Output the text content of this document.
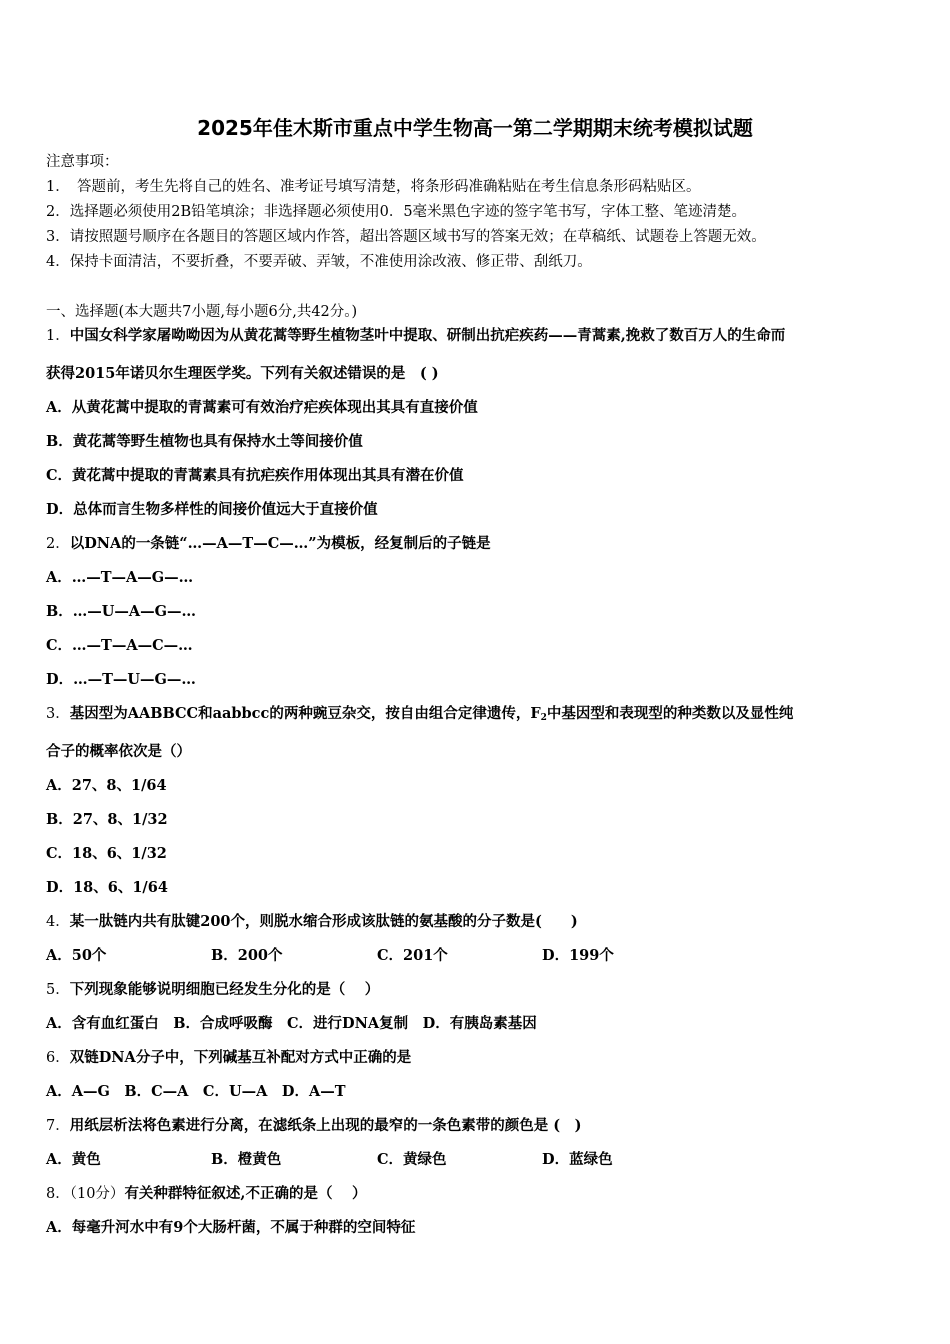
2025年佳木斯市重点中学生物高一第二学期期末统考模拟试题
注意事项：
1．　答题前，考生先将自己的姓名、准考证号填写清楚，将条形码准确粘贴在考生信息条形码粘贴区。
2．选择题必须使用2B铅笔填涂；非选择题必须使用0．5毫米黑色字迹的签字笔书写，字体工整、笔迹清楚。
3．请按照题号顺序在各题目的答题区域内作答，超出答题区域书写的答案无效；在草稿纸、试题卷上答题无效。
4．保持卡面清洁，不要折叠，不要弄破、弄皱，不准使用涂改液、修正带、刮纸刀。
一、选择题(本大题共7小题,每小题6分,共42分。)
1．中国女科学家屠呦呦因为从黄花蒿等野生植物茎叶中提取、研制出抗疟疾药——青蒿素,挽救了数百万人的生命而
获得2015年诺贝尔生理医学奖。下列有关叙述错误的是　( )
A．从黄花蒿中提取的青蒿素可有效治疗疟疾体现出其具有直接价值
B．黄花蒿等野生植物也具有保持水土等间接价值
C．黄花蒿中提取的青蒿素具有抗疟疾作用体现出其具有潜在价值
D．总体而言生物多样性的间接价值远大于直接价值
2．以DNA的一条链“…—A—T—C—…”为模板，经复制后的子链是
A．…—T—A—G—…
B．…—U—A—G—…
C．…—T—A—C—…
D．…—T—U—G—…
3．基因型为AABBCC和aabbcc的两种豌豆杂交，按自由组合定律遗传，$F_2$中基因型和表现型的种类数以及显性纯
合子的概率依次是（）
A．27、8、1/64
B．27、8、1/32
C．18、6、1/32
D．18、6、1/64
4．某一肽链内共有肽键200个，则脱水缩合形成该肽链的氨基酸的分子数是(　　)
A．50个	B．200个	C．201个	D．199个
5．下列现象能够说明细胞已经发生分化的是（　 ）
A．含有血红蛋白　B．合成呼吸酶　C．进行DNA复制　D．有胰岛素基因
6．双链DNA分子中，下列碱基互补配对方式中正确的是
A．A—G　B．C—A　C．U—A　D．A—T
7．用纸层析法将色素进行分离，在滤纸条上出现的最窄的一条色素带的颜色是 (　)
A．黄色	B．橙黄色	C．黄绿色	D．蓝绿色
8．（10分）有关种群特征叙述,不正确的是（　 ）
A．每毫升河水中有9个大肠杆菌，不属于种群的空间特征
